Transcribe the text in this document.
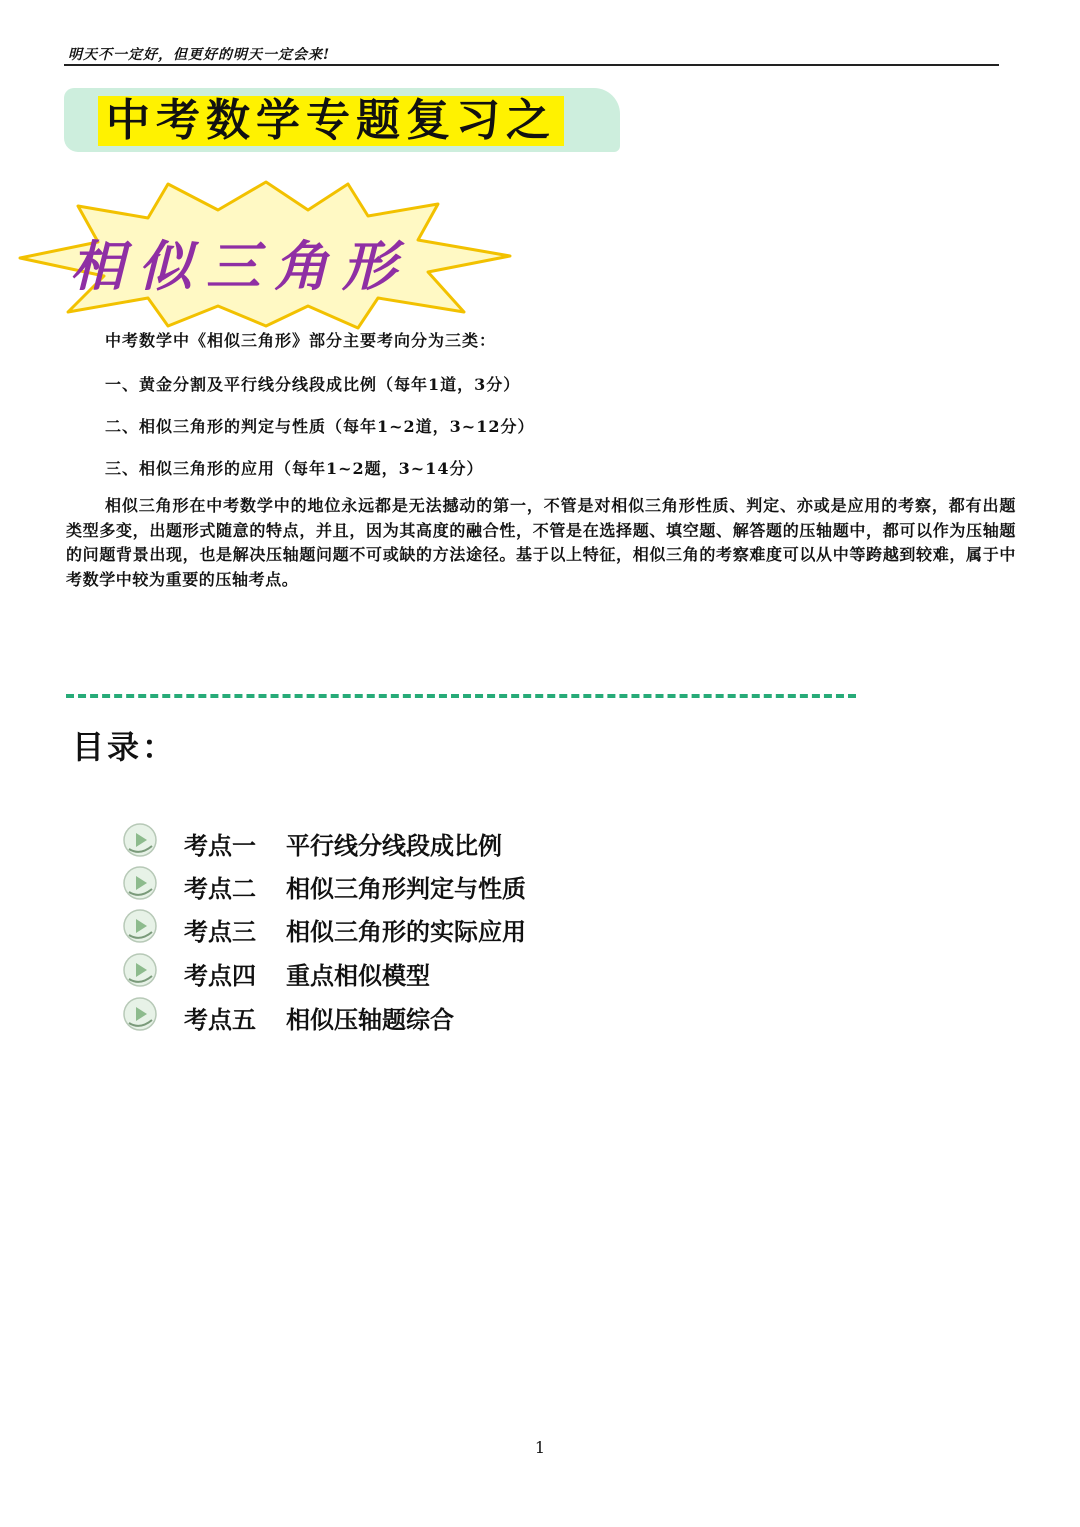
明天不一定好，但更好的明天一定会来!
中考数学专题复习之
相似三角形
中考数学中《相似三角形》部分主要考向分为三类：
一、黄金分割及平行线分线段成比例（每年1道，3分）
二、相似三角形的判定与性质（每年1~2道，3~12分）
三、相似三角形的应用（每年1~2题，3~14分）
相似三角形在中考数学中的地位永远都是无法撼动的第一，不管是对相似三角形性质、判定、亦或是应用的考察，都有出题类型多变，出题形式随意的特点，并且，因为其高度的融合性，不管是在选择题、填空题、解答题的压轴题中，都可以作为压轴题的问题背景出现，也是解决压轴题问题不可或缺的方法途径。基于以上特征，相似三角的考察难度可以从中等跨越到较难，属于中考数学中较为重要的压轴考点。
目录：
考点一 平行线分线段成比例
考点二 相似三角形判定与性质
考点三 相似三角形的实际应用
考点四 重点相似模型
考点五 相似压轴题综合
1
